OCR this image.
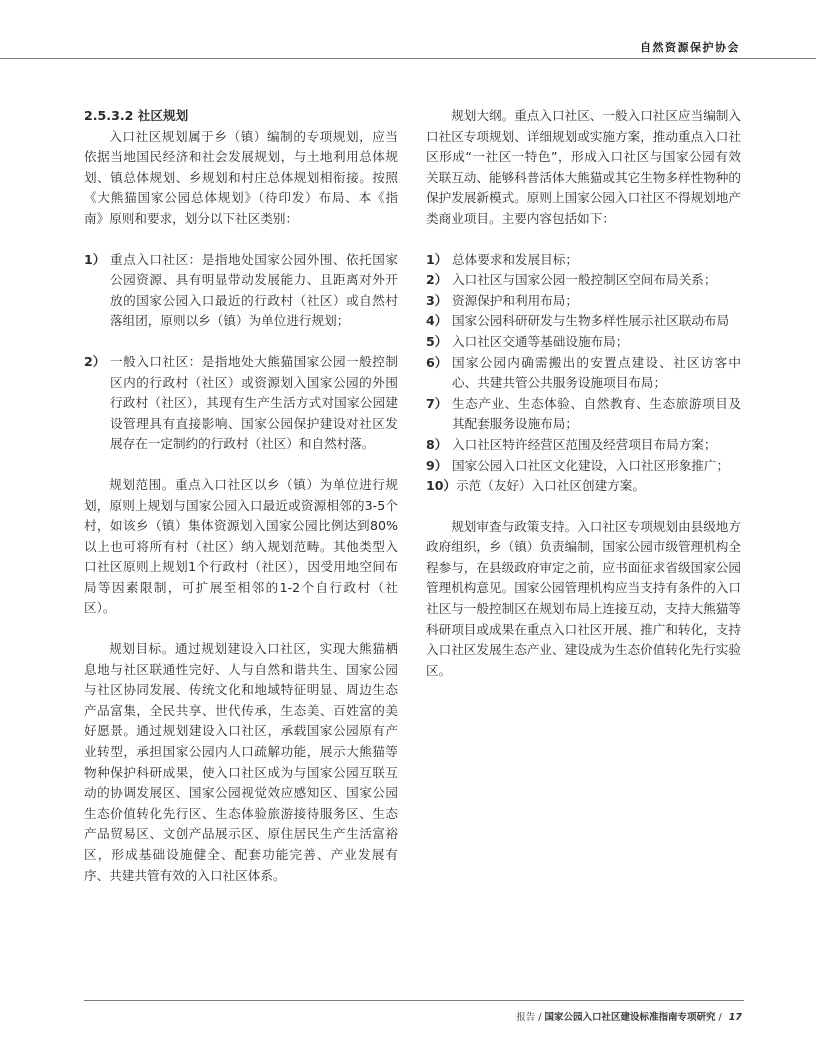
自然资源保护协会

2.5.3.2 社区规划

入口社区规划属于乡（镇）编制的专项规划，应当依据当地国民经济和社会发展规划，与土地利用总体规划、镇总体规划、乡规划和村庄总体规划相衔接。按照《大熊猫国家公园总体规划》（待印发）布局、本《指南》原则和要求，划分以下社区类别：

1） 重点入口社区：是指地处国家公园外围、依托国家公园资源、具有明显带动发展能力、且距离对外开放的国家公园入口最近的行政村（社区）或自然村落组团，原则以乡（镇）为单位进行规划；
2） 一般入口社区：是指地处大熊猫国家公园一般控制区内的行政村（社区）或资源划入国家公园的外围行政村（社区），其现有生产生活方式对国家公园建设管理具有直接影响、国家公园保护建设对社区发展存在一定制约的行政村（社区）和自然村落。

规划范围。重点入口社区以乡（镇）为单位进行规划，原则上规划与国家公园入口最近或资源相邻的3-5个村，如该乡（镇）集体资源划入国家公园比例达到80%以上也可将所有村（社区）纳入规划范畴。其他类型入口社区原则上规划1个行政村（社区），因受用地空间布局等因素限制，可扩展至相邻的1-2个自行政村（社区）。

规划目标。通过规划建设入口社区，实现大熊猫栖息地与社区联通性完好、人与自然和谐共生、国家公园与社区协同发展、传统文化和地域特征明显、周边生态产品富集，全民共享、世代传承，生态美、百姓富的美好愿景。通过规划建设入口社区，承载国家公园原有产业转型，承担国家公园内人口疏解功能，展示大熊猫等物种保护科研成果，使入口社区成为与国家公园互联互动的协调发展区、国家公园视觉效应感知区、国家公园生态价值转化先行区、生态体验旅游接待服务区、生态产品贸易区、文创产品展示区、原住居民生产生活富裕区，形成基础设施健全、配套功能完善、产业发展有序、共建共管有效的入口社区体系。

规划大纲。重点入口社区、一般入口社区应当编制入口社区专项规划、详细规划或实施方案，推动重点入口社区形成“一社区一特色”，形成入口社区与国家公园有效关联互动、能够科普活体大熊猫或其它生物多样性物种的保护发展新模式。原则上国家公园入口社区不得规划地产类商业项目。主要内容包括如下：

1） 总体要求和发展目标；
2） 入口社区与国家公园一般控制区空间布局关系；
3） 资源保护和利用布局；
4） 国家公园科研研发与生物多样性展示社区联动布局
5） 入口社区交通等基础设施布局；
6） 国家公园内确需搬出的安置点建设、社区访客中心、共建共管公共服务设施项目布局；
7） 生态产业、生态体验、自然教育、生态旅游项目及其配套服务设施布局；
8） 入口社区特许经营区范围及经营项目布局方案；
9） 国家公园入口社区文化建设，入口社区形象推广；
10） 示范（友好）入口社区创建方案。

规划审查与政策支持。入口社区专项规划由县级地方政府组织，乡（镇）负责编制，国家公园市级管理机构全程参与，在县级政府审定之前，应书面征求省级国家公园管理机构意见。国家公园管理机构应当支持有条件的入口社区与一般控制区在规划布局上连接互动，支持大熊猫等科研项目或成果在重点入口社区开展、推广和转化，支持入口社区发展生态产业、建设成为生态价值转化先行实验区。

报告 / 国家公园入口社区建设标准指南专项研究 / 17
